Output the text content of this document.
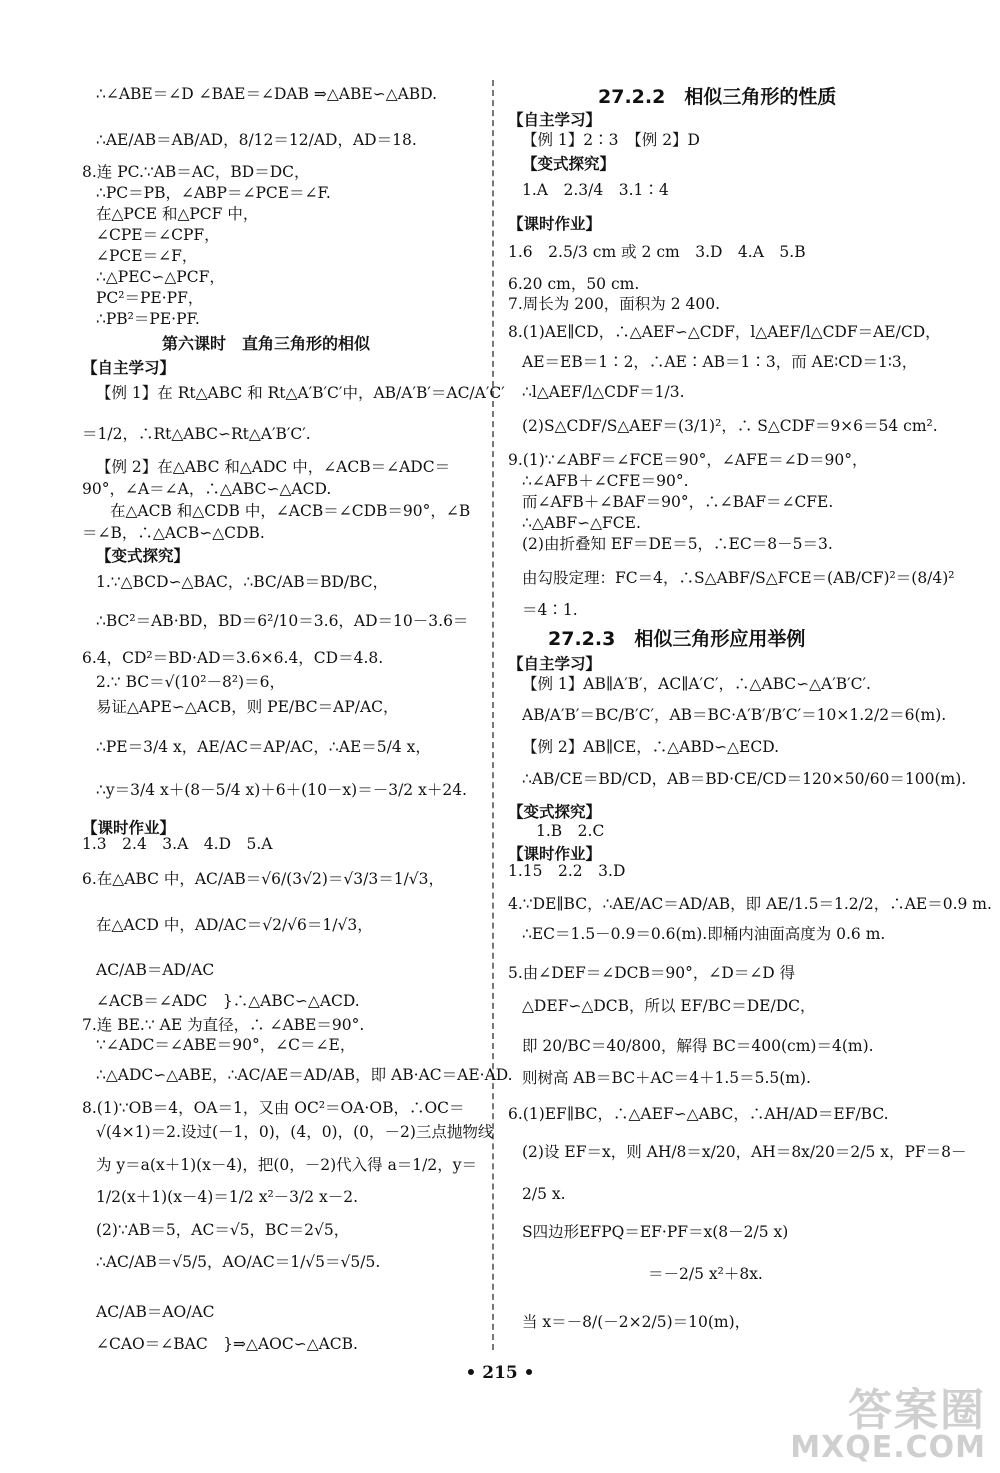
∴∠ABE＝∠D ∠BAE＝∠DAB ⇒△ABE∽△ABD.
∴AE/AB＝AB/AD，8/12＝12/AD，AD＝18.
8.连 PC.∵AB＝AC，BD＝DC，
∴PC＝PB，∠ABP＝∠PCE＝∠F.
在△PCE 和△PCF 中，
∠CPE＝∠CPF，
∠PCE＝∠F，
∴△PEC∽△PCF，
PC²＝PE·PF，
∴PB²＝PE·PF.
第六课时　直角三角形的相似
【自主学习】
【例 1】在 Rt△ABC 和 Rt△A′B′C′中，AB/A′B′＝AC/A′C′
＝1/2，∴Rt△ABC∽Rt△A′B′C′.
【例 2】在△ABC 和△ADC 中，∠ACB＝∠ADC＝
90°，∠A＝∠A，∴△ABC∽△ACD.
在△ACB 和△CDB 中，∠ACB＝∠CDB＝90°，∠B
＝∠B，∴△ACB∽△CDB.
【变式探究】
1.∵△BCD∽△BAC，∴BC/AB＝BD/BC，
∴BC²＝AB·BD，BD＝6²/10＝3.6，AD＝10－3.6＝
6.4，CD²＝BD·AD＝3.6×6.4，CD＝4.8.
2.∵ BC＝√(10²－8²)＝6，
易证△APE∽△ACB，则 PE/BC＝AP/AC，
∴PE＝3/4 x，AE/AC＝AP/AC，∴AE＝5/4 x，
∴y＝3/4 x＋(8－5/4 x)＋6＋(10－x)＝－3/2 x＋24.
【课时作业】
1.3　2.4　3.A　4.D　5.A
6.在△ABC 中，AC/AB＝√6/(3√2)＝√3/3＝1/√3，
在△ACD 中，AD/AC＝√2/√6＝1/√3，
AC/AB＝AD/AC
∠ACB＝∠ADC　}∴△ABC∽△ACD.
7.连 BE.∵ AE 为直径，∴ ∠ABE＝90°.
∵∠ADC＝∠ABE＝90°，∠C＝∠E，
∴△ADC∽△ABE，∴AC/AE＝AD/AB，即 AB·AC＝AE·AD.
8.(1)∵OB＝4，OA＝1，又由 OC²＝OA·OB，∴OC＝
√(4×1)＝2.设过(－1，0)，(4，0)，(0，－2)三点抛物线
为 y＝a(x＋1)(x－4)，把(0，－2)代入得 a＝1/2，y＝
1/2(x＋1)(x－4)＝1/2 x²－3/2 x－2.
(2)∵AB＝5，AC＝√5，BC＝2√5，
∴AC/AB＝√5/5，AO/AC＝1/√5＝√5/5.
AC/AB＝AO/AC
∠CAO＝∠BAC　}⇒△AOC∽△ACB.
27.2.2　相似三角形的性质
【自主学习】
【例 1】2∶3　【例 2】D
【变式探究】
1.A　2.3/4　3.1∶4
【课时作业】
1.6　2.5/3 cm 或 2 cm　3.D　4.A　5.B
6.20 cm，50 cm.
7.周长为 200，面积为 2 400.
8.(1)AE∥CD，∴△AEF∽△CDF，l△AEF/l△CDF＝AE/CD，
AE＝EB＝1∶2，∴AE∶AB＝1∶3，而 AE∶CD＝1∶3，
∴l△AEF/l△CDF＝1/3.
(2)S△CDF/S△AEF＝(3/1)²，∴ S△CDF＝9×6＝54 cm².
9.(1)∵∠ABF＝∠FCE＝90°，∠AFE＝∠D＝90°，
∴∠AFB＋∠CFE＝90°.
而∠AFB＋∠BAF＝90°，∴∠BAF＝∠CFE.
∴△ABF∽△FCE.
(2)由折叠知 EF＝DE＝5，∴EC＝8－5＝3.
由勾股定理：FC＝4，∴S△ABF/S△FCE＝(AB/CF)²＝(8/4)²
＝4∶1.
27.2.3　相似三角形应用举例
【自主学习】
【例 1】AB∥A′B′，AC∥A′C′，∴△ABC∽△A′B′C′.
AB/A′B′＝BC/B′C′，AB＝BC·A′B′/B′C′＝10×1.2/2＝6(m).
【例 2】AB∥CE，∴△ABD∽△ECD.
∴AB/CE＝BD/CD，AB＝BD·CE/CD＝120×50/60＝100(m).
【变式探究】
1.B　2.C
【课时作业】
1.15　2.2　3.D
4.∵DE∥BC，∴AE/AC＝AD/AB，即 AE/1.5＝1.2/2，∴AE＝0.9 m.
∴EC＝1.5－0.9＝0.6(m).即桶内油面高度为 0.6 m.
5.由∠DEF＝∠DCB＝90°，∠D＝∠D 得
△DEF∽△DCB，所以 EF/BC＝DE/DC，
即 20/BC＝40/800，解得 BC＝400(cm)＝4(m).
则树高 AB＝BC＋AC＝4＋1.5＝5.5(m).
6.(1)EF∥BC，∴△AEF∽△ABC，∴AH/AD＝EF/BC.
(2)设 EF＝x，则 AH/8＝x/20，AH＝8x/20＝2/5 x，PF＝8－
2/5 x.
S四边形EFPQ＝EF·PF＝x(8－2/5 x)
＝－2/5 x²＋8x.
当 x＝－8/(－2×2/5)＝10(m)，
• 215 •
答案圈
MXQE.COM
